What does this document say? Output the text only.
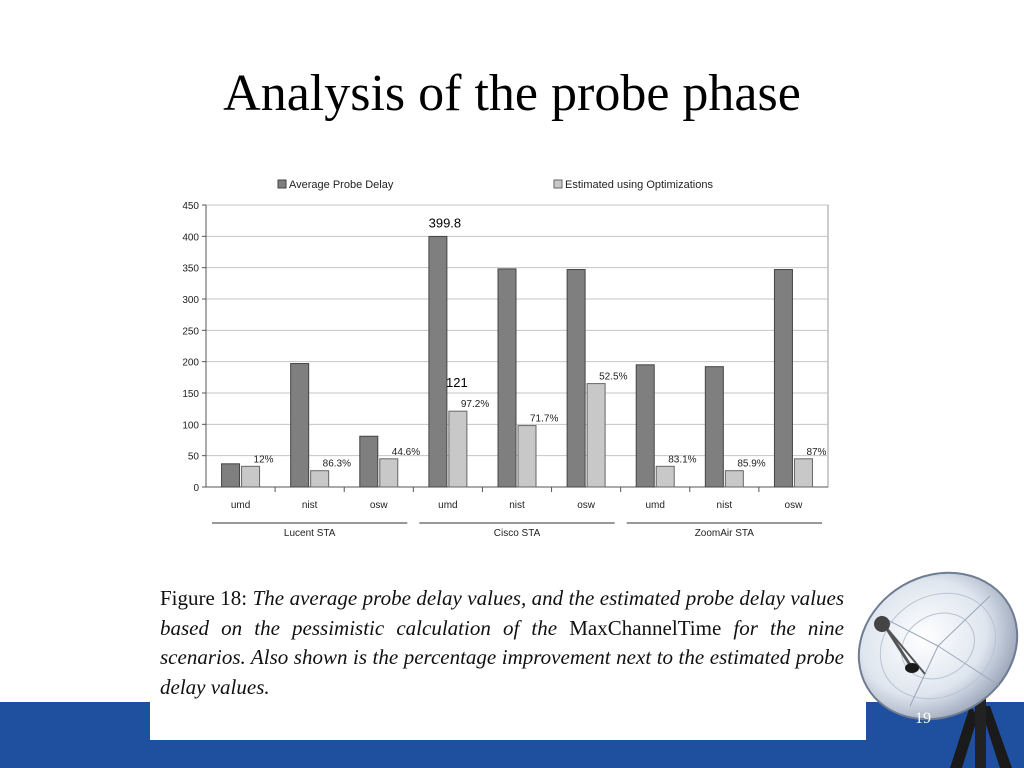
Analysis of the probe phase
0
50
100
150
200
250
300
350
400
450
12%
umd
86.3%
nist
44.6%
osw
97.2%
umd
71.7%
nist
52.5%
osw
83.1%
umd
85.9%
nist
87%
osw
Lucent STA	Cisco STA	ZoomAir STA
399.8
121
Average Probe Delay	Estimated using Optimizations
Figure 18: The average probe delay values, and the estimated probe delay values based on the pessimistic calculation of the MaxChannelTime for the nine scenarios. Also shown is the percentage improvement next to the estimated probe delay values.
19
